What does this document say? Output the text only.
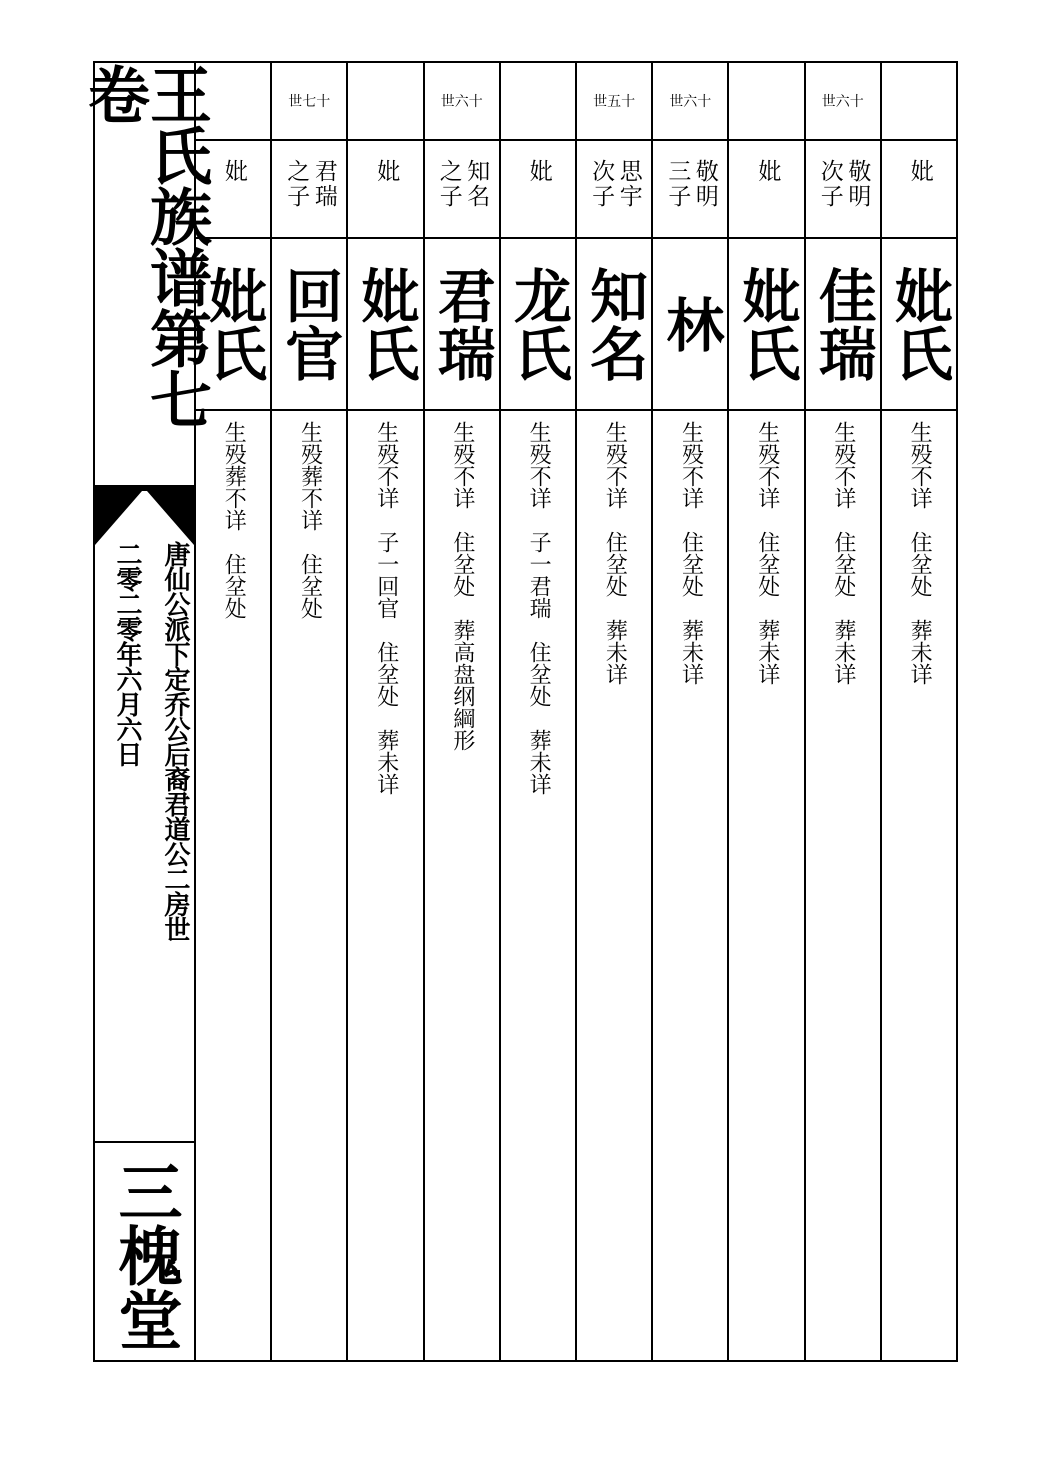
王氏族谱第七卷
唐仙公派下定乔公后裔君道公二房世
二零二零年六月六日
三槐堂
妣
妣氏
生殁葬不详　住坌处
世七十
君瑞之子
回官
生殁葬不详　住坌处
妣
妣氏
生殁不详　子一回官　住坌处　葬未详
世六十
知名之子
君瑞
生殁不详　住坌处　葬高盘纲綱形
妣
龙氏
生殁不详　子一君瑞　住坌处　葬未详
世五十
思宇次子
知名
生殁不详　住坌处　葬未详
世六十
敬明三子
林
生殁不详　住坌处　葬未详
妣
妣氏
生殁不详　住坌处　葬未详
世六十
敬明次子
佳瑞
生殁不详　住坌处　葬未详
妣
妣氏
生殁不详　住坌处　葬未详
